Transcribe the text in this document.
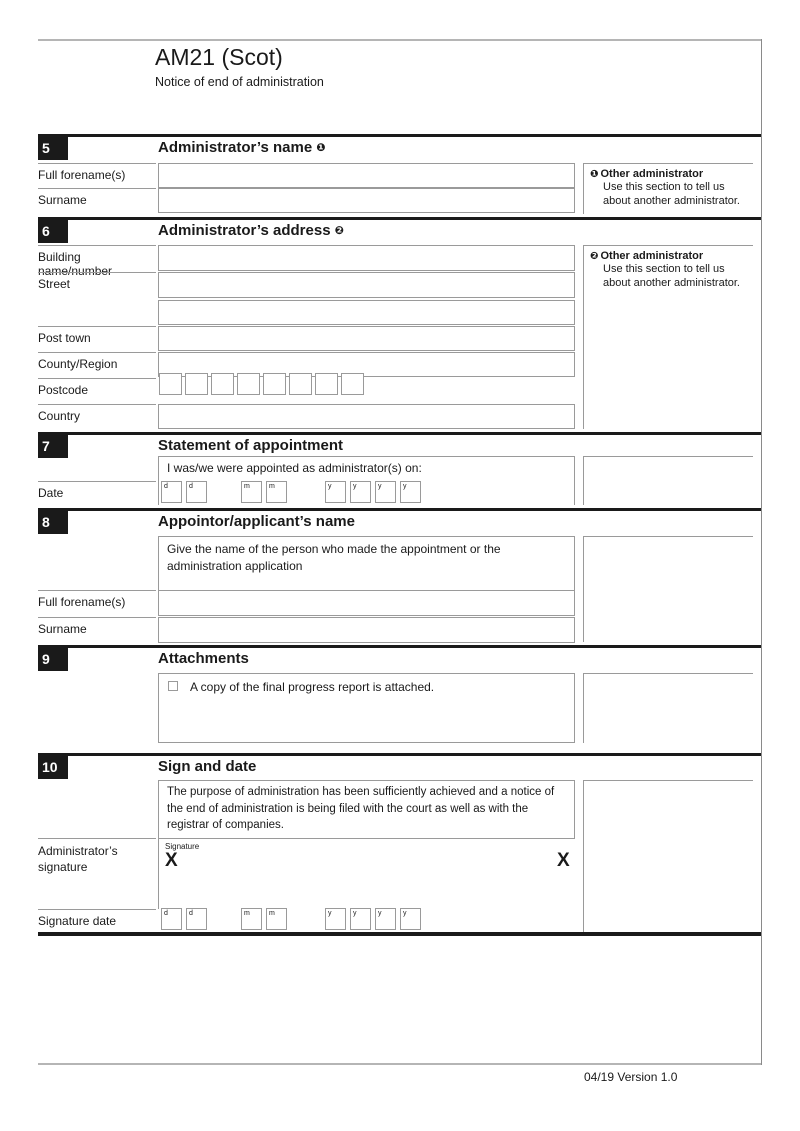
AM21 (Scot)
Notice of end of administration
5	Administrator’s name ❶
Full forename(s)
Surname
❶ Other administrator
Use this section to tell us about another administrator.
6	Administrator’s address ❷
Building name/number
Street
Post town
County/Region
Postcode
Country
❷ Other administrator
Use this section to tell us about another administrator.
7	Statement of appointment
I was/we were appointed as administrator(s) on:
Date	d	d	m	m	y	y	y	y
8	Appointor/applicant’s name
Give the name of the person who made the appointment or the administration application
Full forename(s)
Surname
9	Attachments
A copy of the final progress report is attached.
10	Sign and date
The purpose of administration has been sufficiently achieved and a notice of the end of administration is being filed with the court as well as with the registrar of companies.
Administrator’s signature
Signature
X	X
Signature date
d	d	m	m	y	y	y	y
04/19 Version 1.0
